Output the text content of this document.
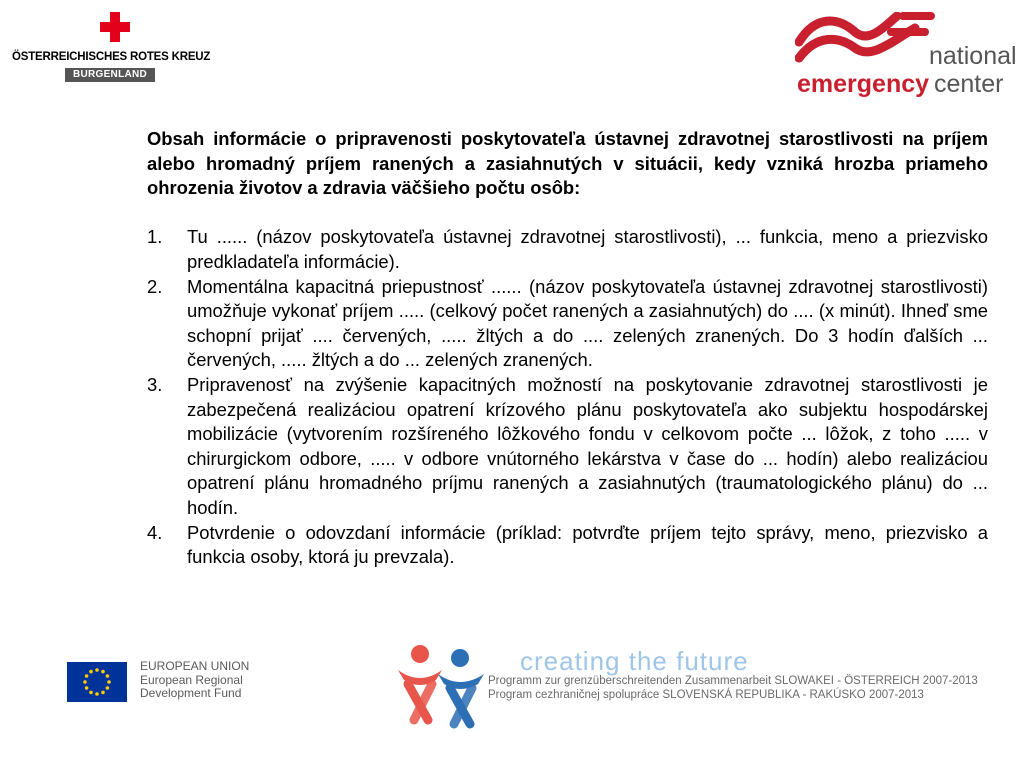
ÖSTERREICHISCHES ROTES KREUZ
BURGENLAND
national
emergency center

Obsah informácie o pripravenosti poskytovateľa ústavnej zdravotnej starostlivosti na príjem alebo hromadný príjem ranených a zasiahnutých v situácii, kedy vzniká hrozba priameho ohrozenia životov a zdravia väčšieho počtu osôb:

1. Tu ...... (názov poskytovateľa ústavnej zdravotnej starostlivosti), ... funkcia, meno a priezvisko predkladateľa informácie).
2. Momentálna kapacitná priepustnosť ...... (názov poskytovateľa ústavnej zdravotnej starostlivosti) umožňuje vykonať príjem ..... (celkový počet ranených a zasiahnutých) do .... (x minút). Ihneď sme schopní prijať .... červených, ..... žltých a do .... zelených zranených. Do 3 hodín ďalších ... červených, ..... žltých a do ... zelených zranených.
3. Pripravenosť na zvýšenie kapacitných možností na poskytovanie zdravotnej starostlivosti je zabezpečená realizáciou opatrení krízového plánu poskytovateľa ako subjektu hospodárskej mobilizácie (vytvorením rozšíreného lôžkového fondu v celkovom počte ... lôžok, z toho ..... v chirurgickom odbore, ..... v odbore vnútorného lekárstva v čase do ... hodín) alebo realizáciou opatrení plánu hromadného príjmu ranených a zasiahnutých (traumatologického plánu) do ... hodín.
4. Potvrdenie o odovzdaní informácie (príklad: potvrďte príjem tejto správy, meno, priezvisko a funkcia osoby, ktorá ju prevzala).
EUROPEAN UNION
European Regional
Development Fund
creating the future
Programm zur grenzüberschreitenden Zusammenarbeit SLOWAKEI - ÖSTERREICH 2007-2013
Program cezhraničnej spolupráce SLOVENSKÁ REPUBLIKA - RAKÚSKO 2007-2013
